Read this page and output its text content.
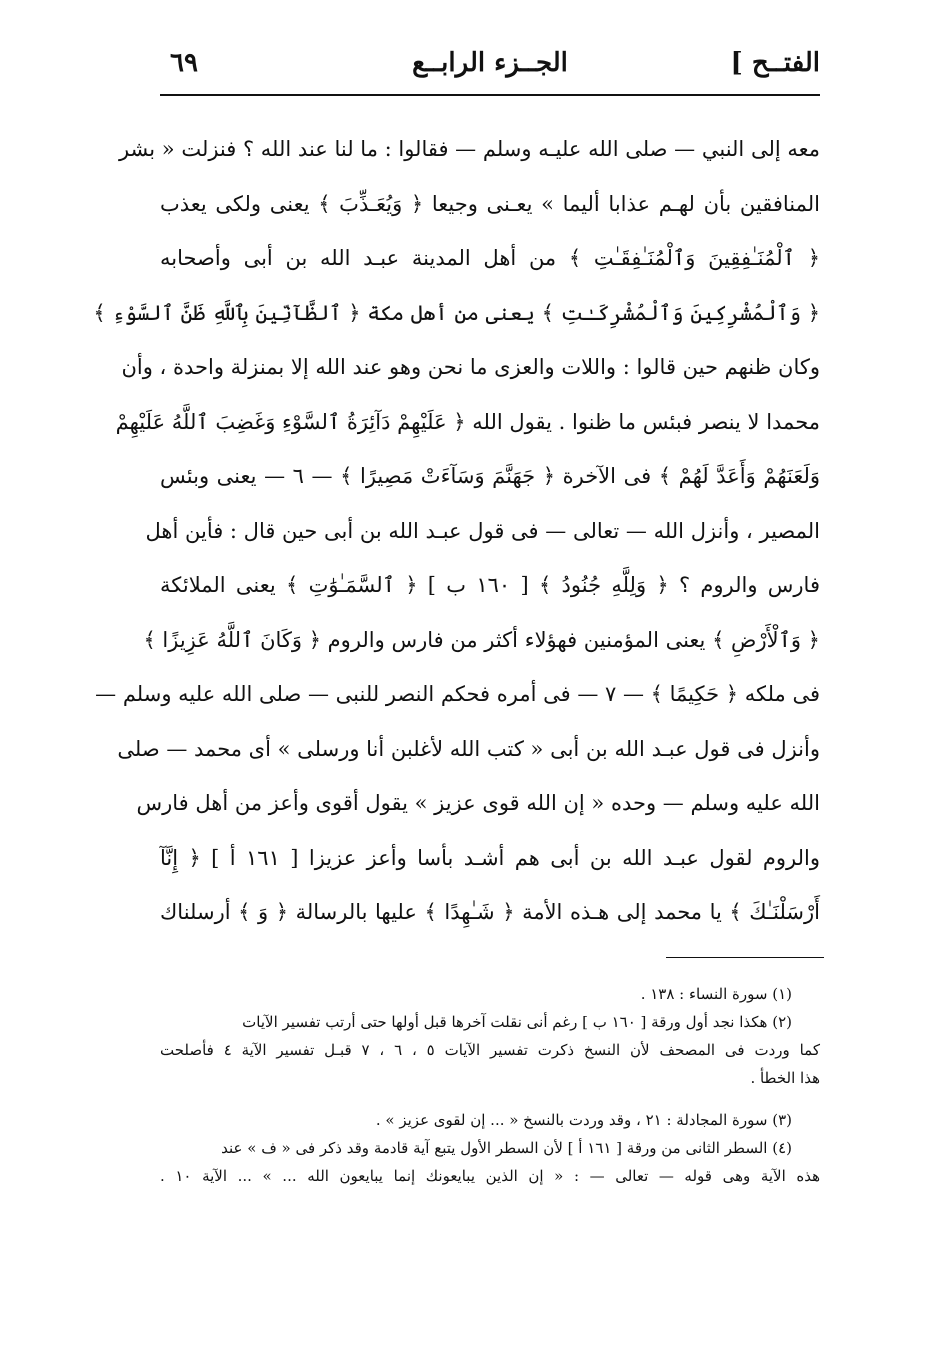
الفتــح ]
الجــزء الرابــع
٦٩
معه إلى النبي — صلى الله عليـه وسلم — فقالوا : ما لنا عند الله ؟ فنزلت « بشر
المنافقين بأن لهـم عذابا أليما » يعـنى وجيعا ﴿ وَيُعَـذِّبَ ﴾ يعنى ولكى يعذب
﴿ ٱلْمُنَـٰفِقِينَ وَٱلْمُنَـٰفِقَـٰتِ ﴾ من أهل المدينة عبـد الله بن أبى وأصحابه
﴿ وَٱلْمُشْرِكِينَ وَٱلْمُشْرِكَـٰتِ ﴾ يعنى من أهل مكة ﴿ ٱلظَّآنِّينَ بِٱللَّهِ ظَنَّ ٱلسَّوْءِ ﴾
وكان ظنهم حين قالوا : واللات والعزى ما نحن وهو عند الله إلا بمنزلة واحدة ، وأن
محمدا لا ينصر فبئس ما ظنوا . يقول الله ﴿ عَلَيْهِمْ دَآئِرَةُ ٱلسَّوْءِ وَغَضِبَ ٱللَّهُ عَلَيْهِمْ
وَلَعَنَهُمْ وَأَعَدَّ لَهُمْ ﴾ فى الآخرة ﴿ جَهَنَّمَ وَسَآءَتْ مَصِيرًا ﴾ — ٦ — يعنى وبئس
المصير ، وأنزل الله — تعالى — فى قول عبـد الله بن أبى حين قال : فأين أهل
فارس والروم ؟ ﴿ وَلِلَّهِ جُنُودُ ﴾ [ ١٦٠ ب ] ﴿ ٱلسَّمَـٰوَٰتِ ﴾ يعنى الملائكة
﴿ وَٱلْأَرْضِ ﴾ يعنى المؤمنين فهؤلاء أكثر من فارس والروم ﴿ وَكَانَ ٱللَّهُ عَزِيزًا ﴾
فى ملكه ﴿ حَكِيمًا ﴾ — ٧ — فى أمره فحكم النصر للنبى — صلى الله عليه وسلم —
وأنزل فى قول عبـد الله بن أبى « كتب الله لأغلبن أنا ورسلى » أى محمد — صلى
الله عليه وسلم — وحده « إن الله قوى عزيز » يقول أقوى وأعز من أهل فارس
والروم لقول عبـد الله بن أبى هم أشـد بأسا وأعز عزيزا [ ١٦١ أ ] ﴿ إِنَّآ
أَرْسَلْنَـٰكَ ﴾ يا محمد إلى هـذه الأمة ﴿ شَـٰهِدًا ﴾ عليها بالرسالة ﴿ وَ ﴾ أرسلناك
(١) سورة النساء : ١٣٨ .
(٢) هكذا نجد أول ورقة [ ١٦٠ ب ] رغم أنى نقلت آخرها قبل أولها حتى أرتب تفسير الآيات
كما وردت فى المصحف لأن النسخ ذكرت تفسير الآيات ٥ ، ٦ ، ٧ قبـل تفسير الآية ٤ فأصلحت
هذا الخطأ .
(٣) سورة المجادلة : ٢١ ، وقد وردت بالنسخ « ... إن لقوى عزيز » .
(٤) السطر الثانى من ورقة [ ١٦١ أ ] لأن السطر الأول يتبع آية قادمة وقد ذكر فى « ف » عند
هذه الآية وهى قوله — تعالى — : « إن الذين يبايعونك إنما يبايعون الله ... » ... الآية ١٠ .
